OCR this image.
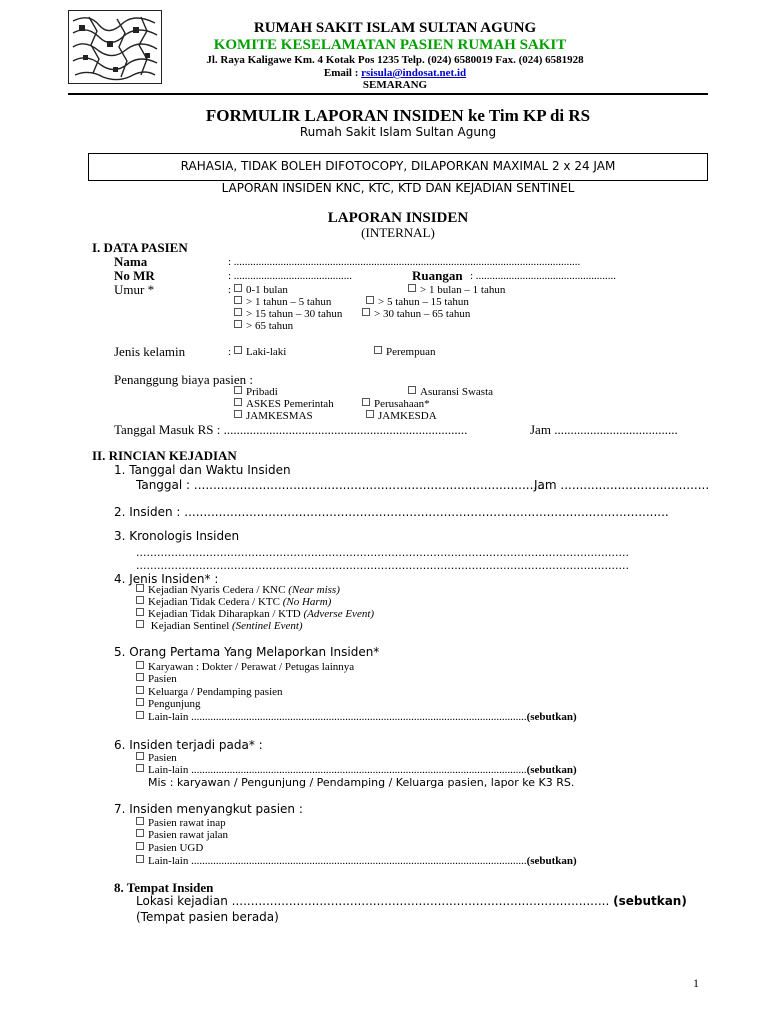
RUMAH SAKIT ISLAM SULTAN AGUNG
KOMITE KESELAMATAN PASIEN RUMAH SAKIT
Jl. Raya Kaligawe Km. 4 Kotak Pos 1235 Telp. (024) 6580019 Fax. (024) 6581928
Email : rsisula@indosat.net.id
SEMARANG
FORMULIR LAPORAN INSIDEN ke Tim KP di RS
Rumah Sakit Islam Sultan Agung
RAHASIA, TIDAK BOLEH DIFOTOCOPY, DILAPORKAN MAXIMAL 2 x 24 JAM
LAPORAN INSIDEN KNC, KTC, KTD DAN KEJADIAN SENTINEL
LAPORAN INSIDEN
(INTERNAL)
I. DATA PASIEN
Nama	: ..............................................................................................................................
No MR	: ...........................................	Ruangan : ...................................................
Umur *	:	0-1 bulan	> 1 bulan – 1 tahun
> 1 tahun – 5 tahun	> 5 tahun – 15 tahun
> 15 tahun – 30 tahun	> 30 tahun – 65 tahun
> 65 tahun
Jenis kelamin	:	Laki-laki	Perempuan
Penanggung biaya pasien :
Pribadi	Asuransi Swasta
ASKES Pemerintah	Perusahaan*
JAMKESMAS	JAMKESDA
Tanggal Masuk RS : ...........................................................................	Jam ......................................
II. RINCIAN KEJADIAN
1. Tanggal dan Waktu Insiden
Tanggal : .............................................................................................
Jam .......................................
2. Insiden : ...............................................................................................................................
3. Kronologis Insiden
.............................................................................................................................................
.............................................................................................................................................
4. Jenis Insiden* :
Kejadian Nyaris Cedera / KNC (Near miss)
Kejadian Tidak Cedera / KTC (No Harm)
Kejadian Tidak Diharapkan / KTD (Adverse Event)
Kejadian Sentinel (Sentinel Event)
5. Orang Pertama Yang Melaporkan Insiden*
Karyawan : Dokter / Perawat / Petugas lainnya
Pasien
Keluarga / Pendamping pasien
Pengunjung
Lain-lain ..........................................................................................................................(sebutkan)
6. Insiden terjadi pada* :
Pasien
Lain-lain ..........................................................................................................................(sebutkan)
Mis : karyawan / Pengunjung / Pendamping / Keluarga pasien, lapor ke K3 RS.
7. Insiden menyangkut pasien :
Pasien rawat inap
Pasien rawat jalan
Pasien UGD
Lain-lain ..........................................................................................................................(sebutkan)
8. Tempat Insiden
Lokasi kejadian ................................................................................................... (sebutkan)
(Tempat pasien berada)
1
